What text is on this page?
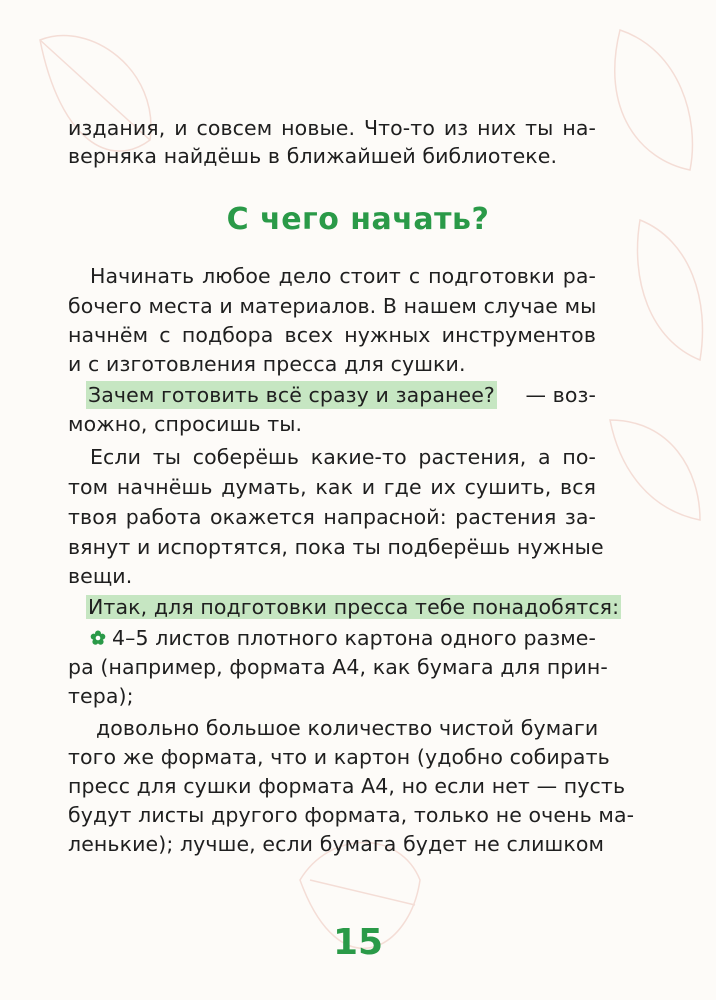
издания, и совсем новые. Что-то из них ты на-
верняка найдёшь в ближайшей библиотеке.
С чего начать?
Начинать любое дело стоит с подготовки ра-
бочего места и материалов. В нашем случае мы
начнём с подбора всех нужных инструментов
и с изготовления пресса для сушки.
Зачем готовить всё сразу и заранее? — воз-
можно, спросишь ты.
Если ты соберёшь какие-то растения, а по-
том начнёшь думать, как и где их сушить, вся
твоя работа окажется напрасной: растения за-
вянут и испортятся, пока ты подберёшь нужные
вещи.
Итак, для подготовки пресса тебе понадобятся:
4–5 листов плотного картона одного разме-
ра (например, формата А4, как бумага для прин-
тера);
довольно большое количество чистой бумаги
того же формата, что и картон (удобно собирать
пресс для сушки формата А4, но если нет — пусть
будут листы другого формата, только не очень ма-
ленькие); лучше, если бумага будет не слишком
15
